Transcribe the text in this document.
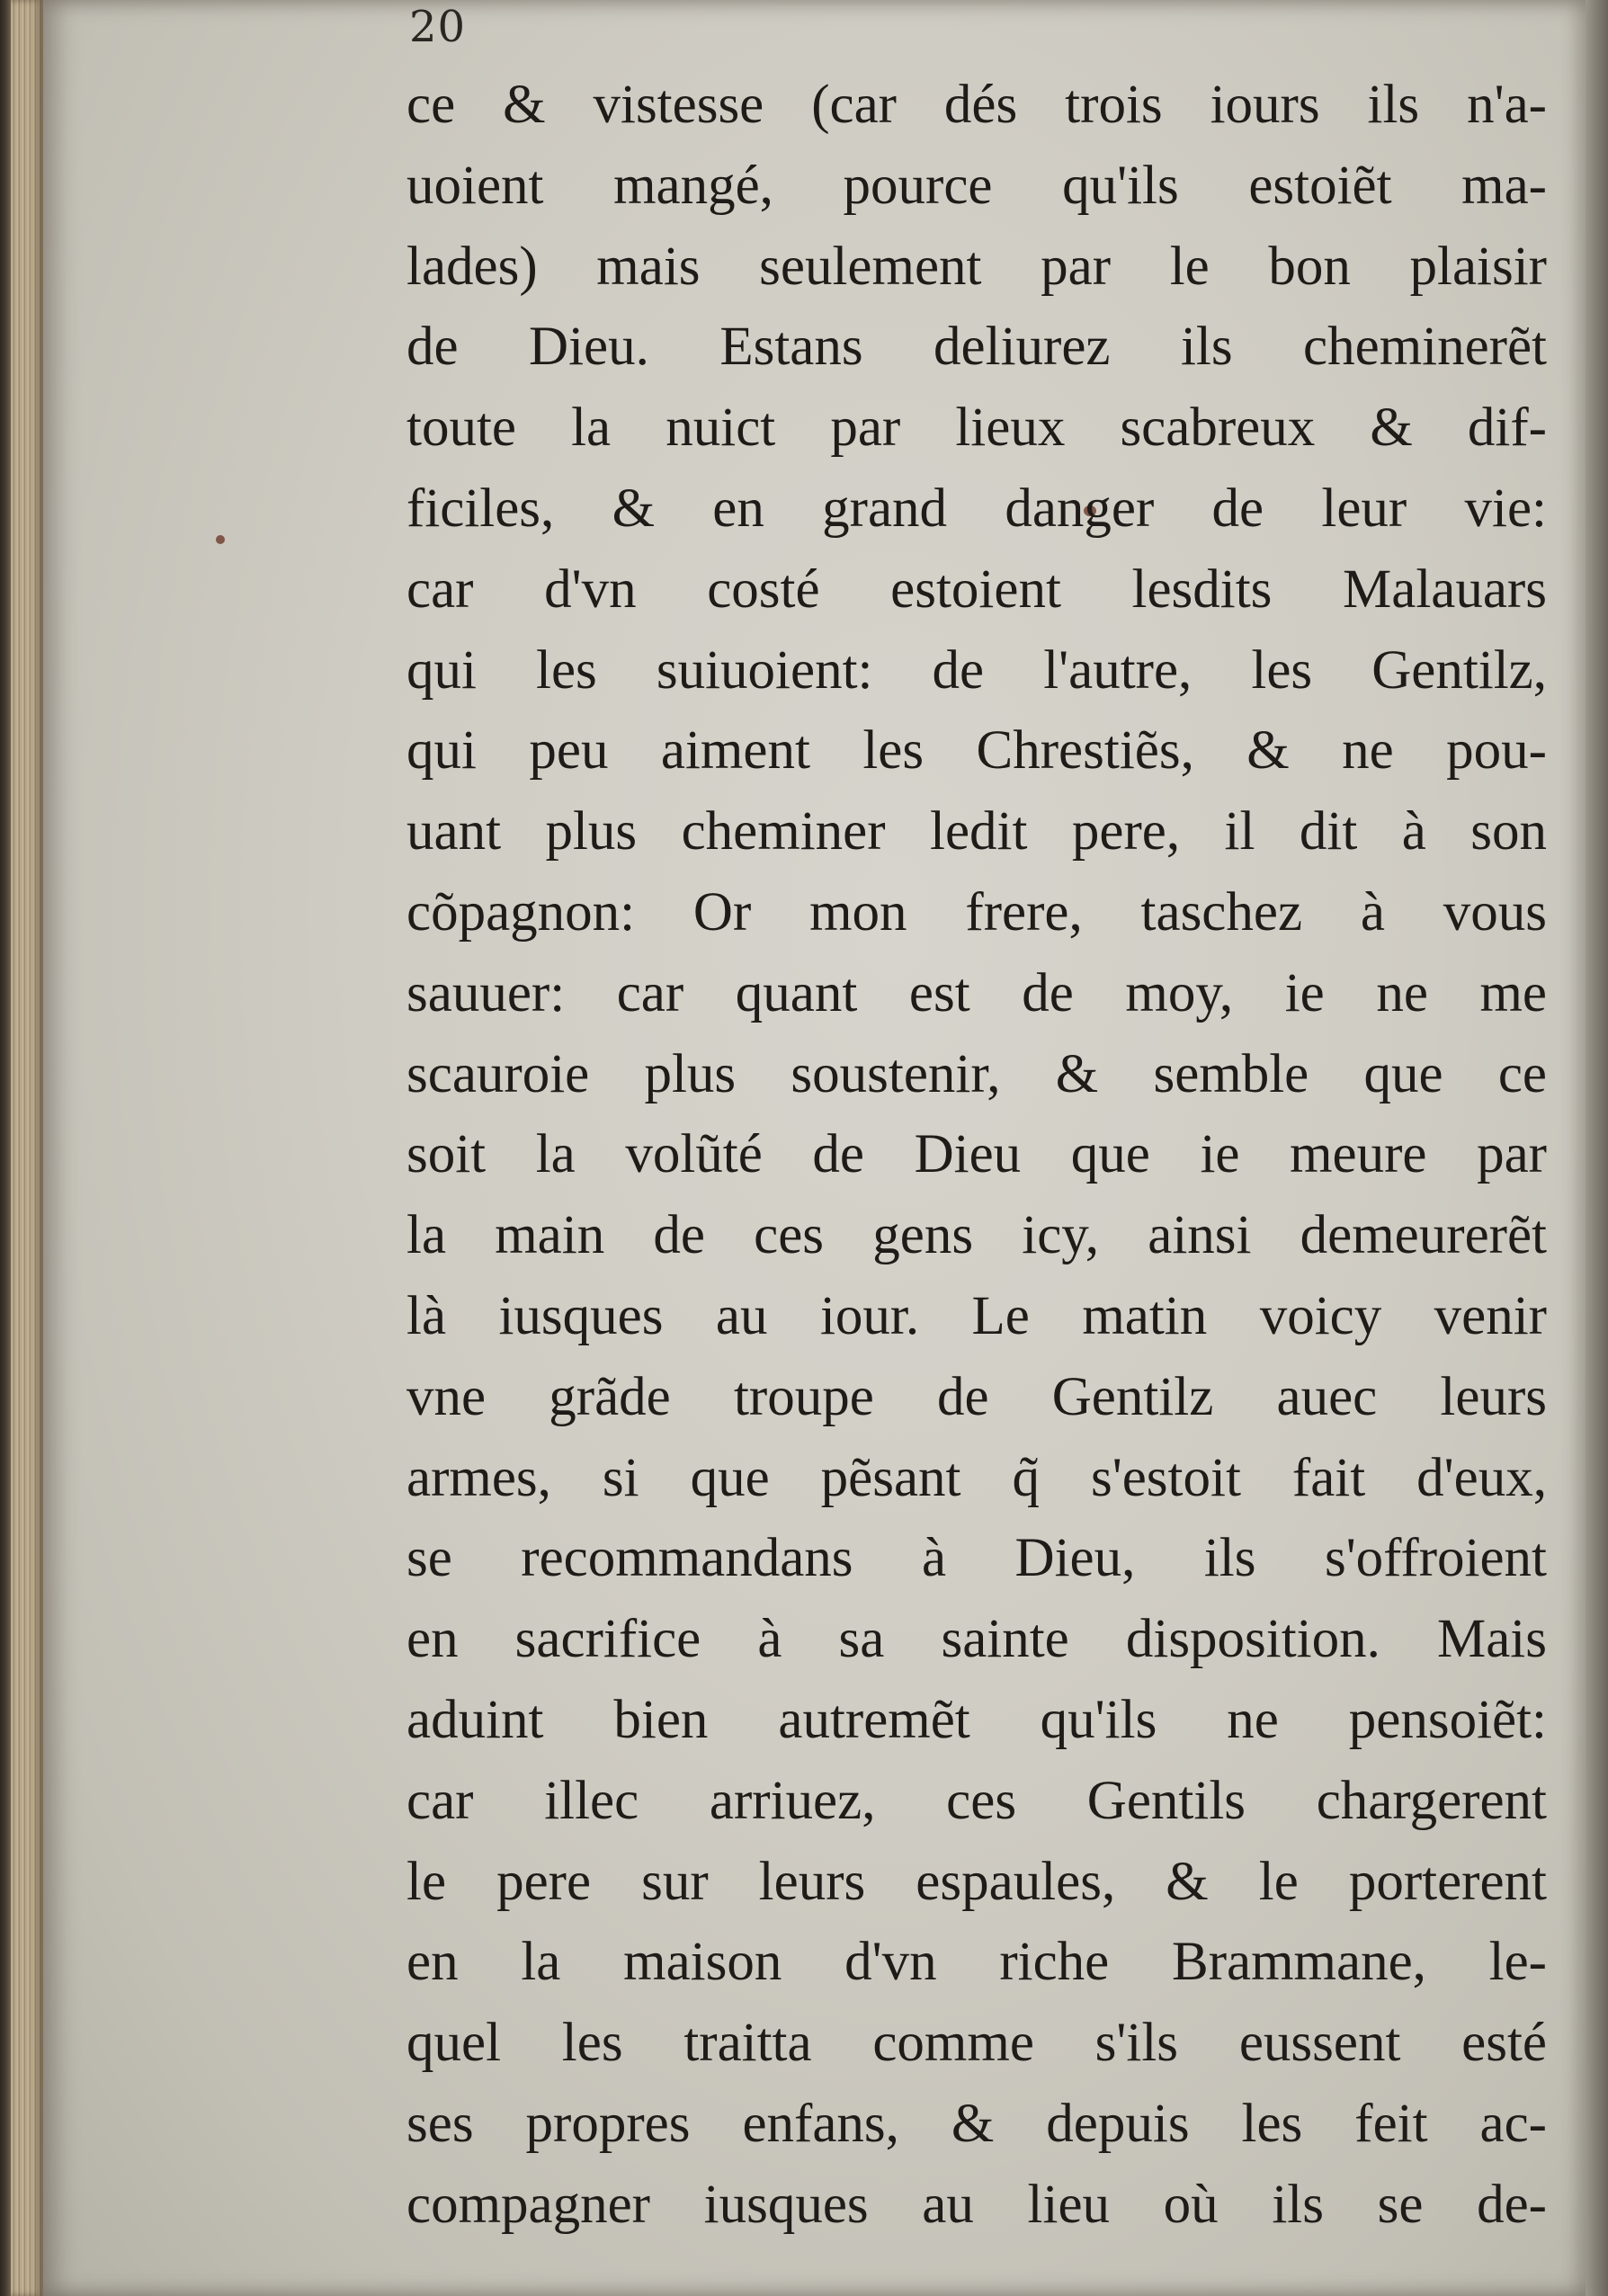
20
ce & vistesse (car dés trois iours ils n'a-
uoient mangé, pource qu'ils estoiẽt ma-
lades) mais seulement par le bon plaisir
de Dieu. Estans deliurez ils cheminerẽt
toute la nuict par lieux scabreux & dif-
ficiles, & en grand danger de leur vie:
car d'vn costé estoient lesdits Malauars
qui les suiuoient: de l'autre, les Gentilz,
qui peu aiment les Chrestiẽs, & ne pou-
uant plus cheminer ledit pere, il dit à son
cõpagnon: Or mon frere, taschez à vous
sauuer: car quant est de moy, ie ne me
scauroie plus soustenir, & semble que ce
soit la volũté de Dieu que ie meure par
la main de ces gens icy, ainsi demeurerẽt
là iusques au iour. Le matin voicy venir
vne grãde troupe de Gentilz auec leurs
armes, si que pẽsant q̃ s'estoit fait d'eux,
se recommandans à Dieu, ils s'offroient
en sacrifice à sa sainte disposition. Mais
aduint bien autremẽt qu'ils ne pensoiẽt:
car illec arriuez, ces Gentils chargerent
le pere sur leurs espaules, & le porterent
en la maison d'vn riche Brammane, le-
quel les traitta comme s'ils eussent esté
ses propres enfans, & depuis les feit ac-
compagner iusques au lieu où ils se de-
